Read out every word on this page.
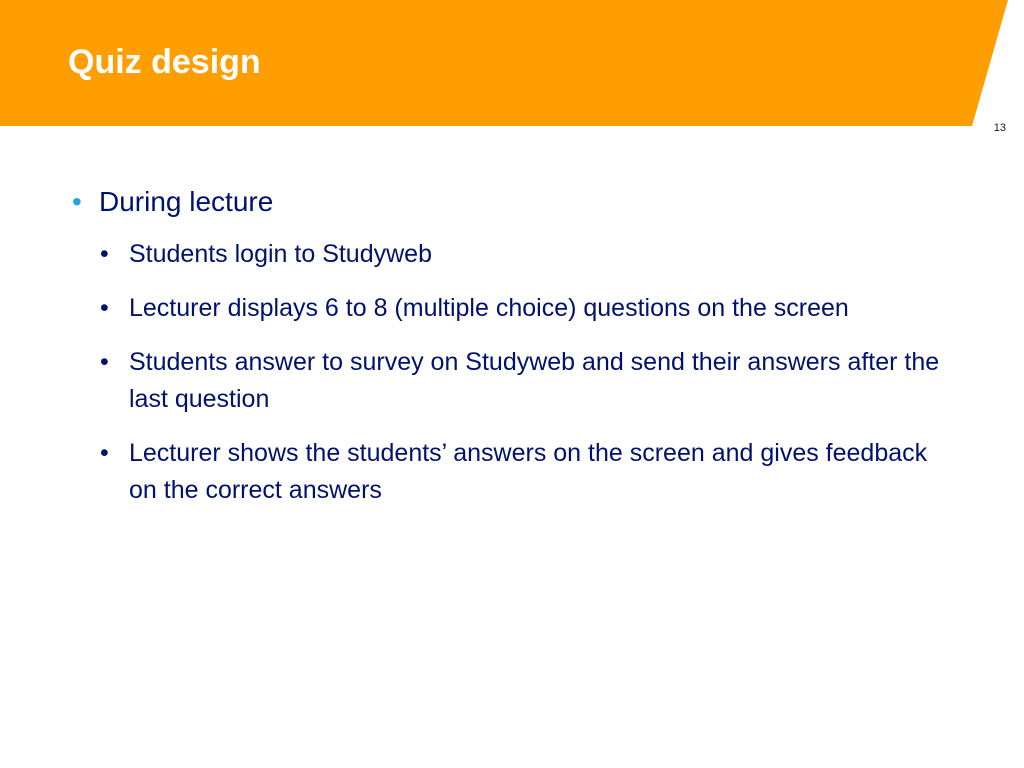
Quiz design
13
• During lecture
• Students login to Studyweb
• Lecturer displays 6 to 8 (multiple choice) questions on the screen
• Students answer to survey on Studyweb and send their answers after the last question
• Lecturer shows the students’ answers on the screen and gives feedback on the correct answers
